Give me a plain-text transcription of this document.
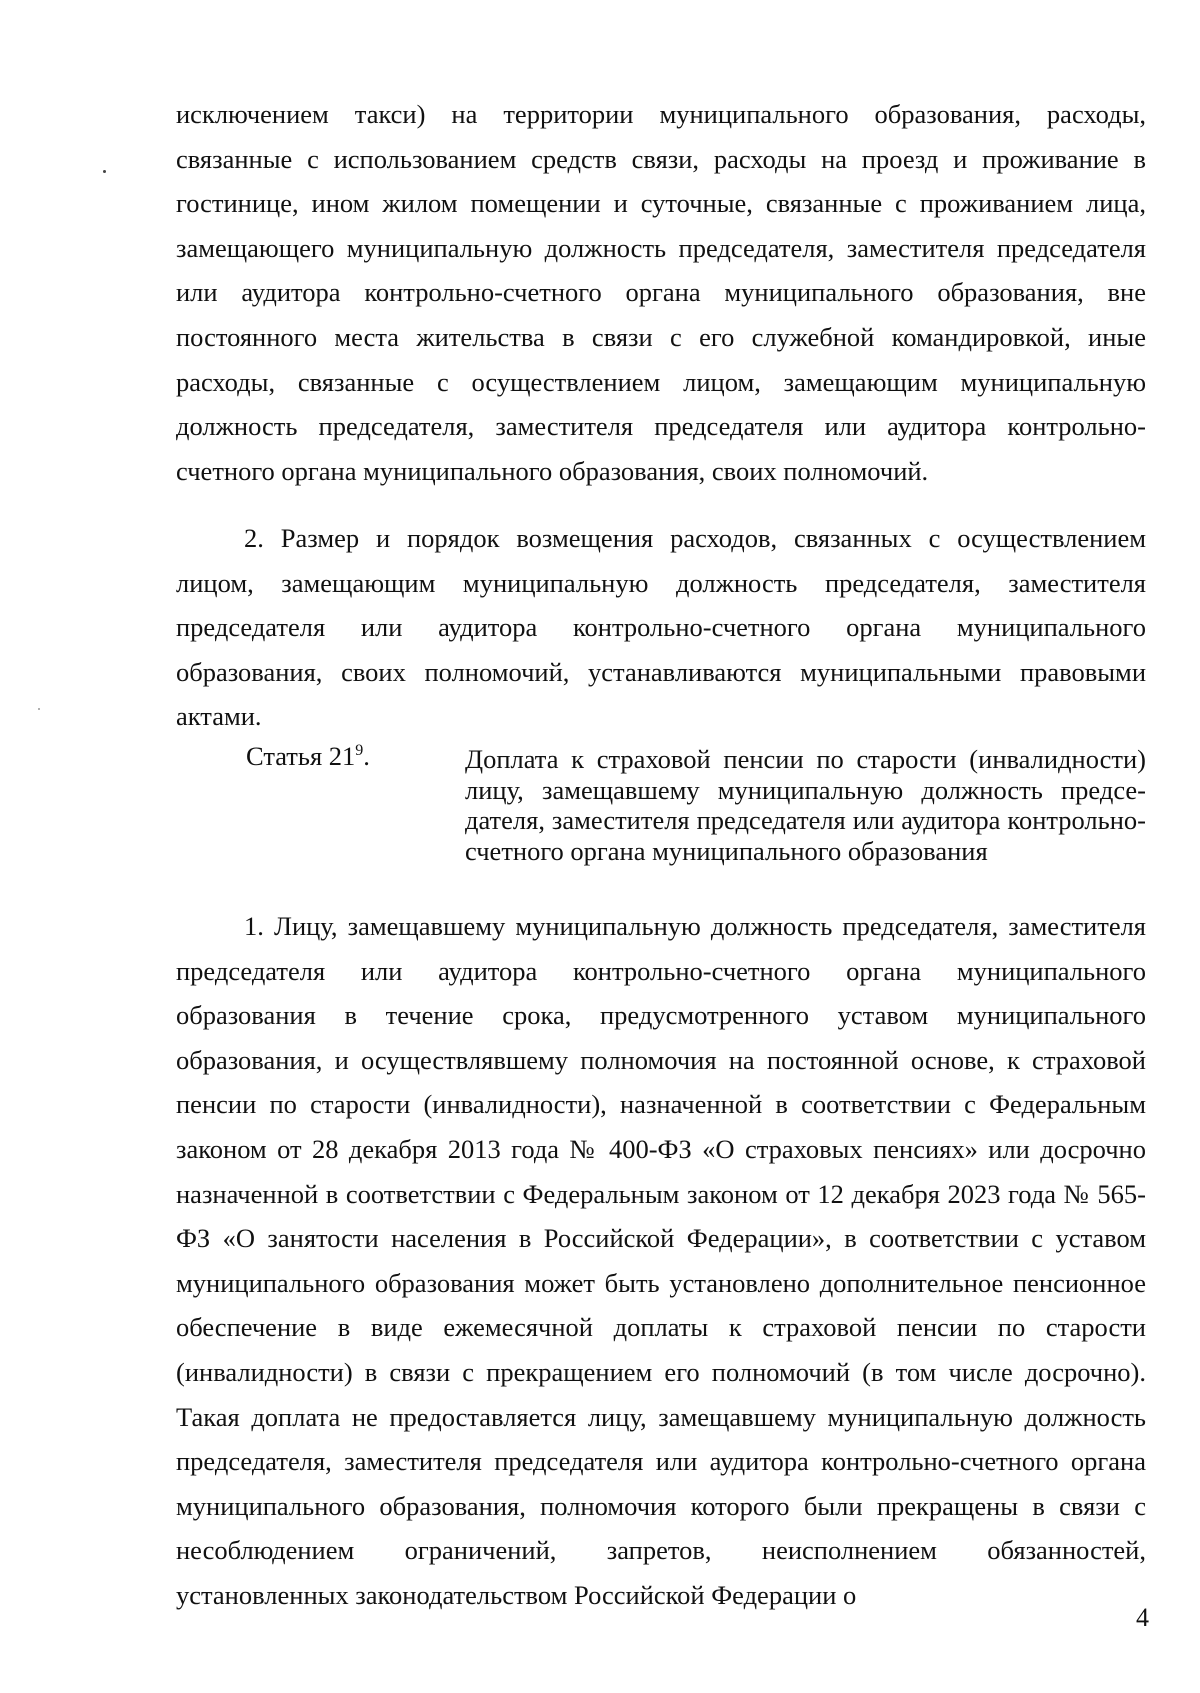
исключением такси) на территории муниципального образования, расходы, связанные с использованием средств связи, расходы на проезд и проживание в гостинице, ином жилом помещении и суточные, связанные с проживанием лица, замещающего муниципальную должность председателя, заместителя председателя или аудитора контрольно-счетного органа муниципального образования, вне постоянного места жительства в связи с его служебной командировкой, иные расходы, связанные с осуществлением лицом, замещающим муниципальную должность председателя, заместителя председателя или аудитора контрольно-счетного органа муниципального образования, своих полномочий.

2. Размер и порядок возмещения расходов, связанных с осуществлением лицом, замещающим муниципальную должность председателя, заместителя председателя или аудитора контрольно-счетного органа муниципального образования, своих полномочий, устанавливаются муниципальными правовыми актами.

Статья $21^9$.	Доплата к страховой пенсии по старости (инвалидности) лицу, замещавшему муниципальную должность председателя, заместителя председателя или аудитора контрольно-счетного органа муниципального образования

1. Лицу, замещавшему муниципальную должность председателя, заместителя председателя или аудитора контрольно-счетного органа муниципального образования в течение срока, предусмотренного уставом муниципального образования, и осуществлявшему полномочия на постоянной основе, к страховой пенсии по старости (инвалидности), назначенной в соответствии с Федеральным законом от 28 декабря 2013 года № 400-ФЗ «О страховых пенсиях» или досрочно назначенной в соответствии с Федеральным законом от 12 декабря 2023 года № 565-ФЗ «О занятости населения в Российской Федерации», в соответствии с уставом муниципального образования может быть установлено дополнительное пенсионное обеспечение в виде ежемесячной доплаты к страховой пенсии по старости (инвалидности) в связи с прекращением его полномочий (в том числе досрочно). Такая доплата не предоставляется лицу, замещавшему муниципальную должность председателя, заместителя председателя или аудитора контрольно-счетного органа муниципального образования, полномочия которого были прекращены в связи с несоблюдением ограничений, запретов, неисполнением обязанностей, установленных законодательством Российской Федерации о

4
